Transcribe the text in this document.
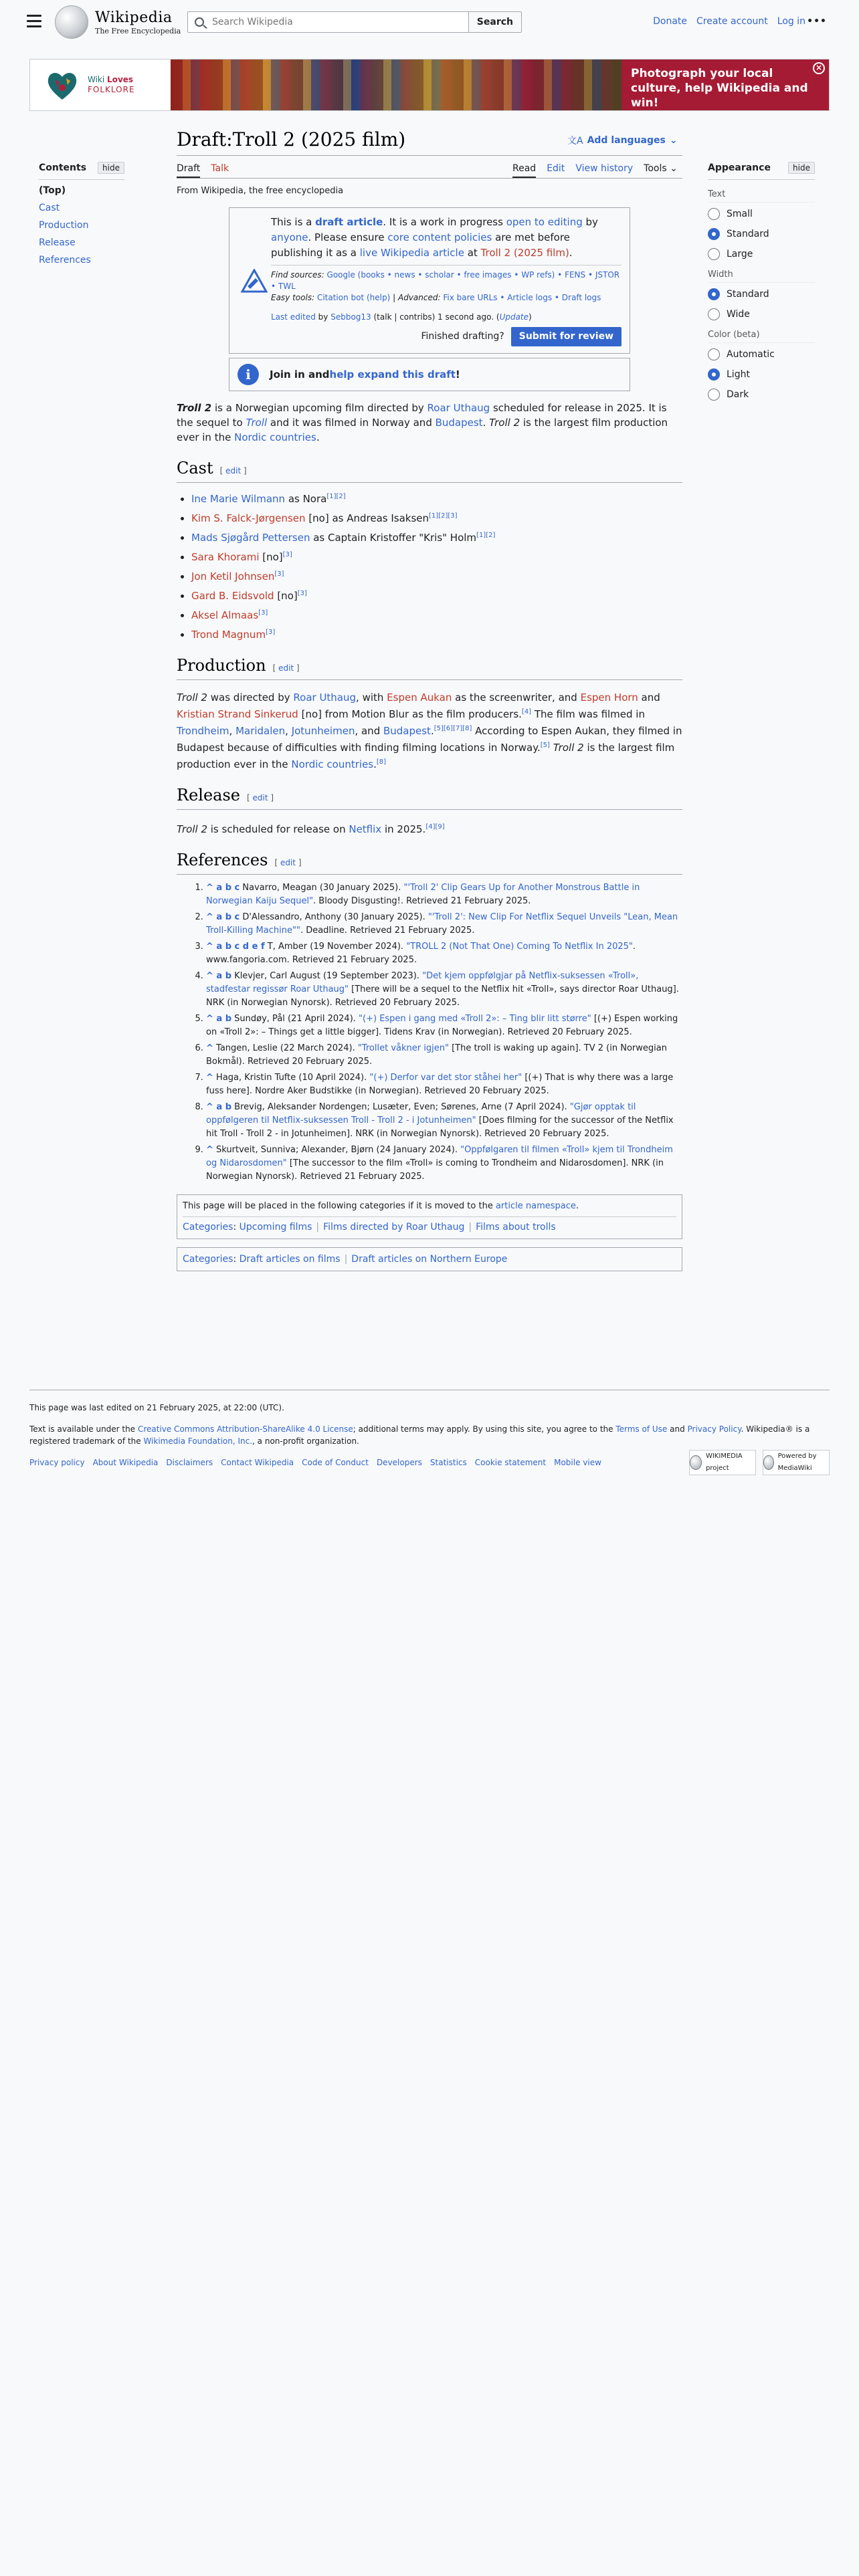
Wikipedia
The Free Encyclopedia
Search Wikipedia
Search	Donate Create account Log in •••
Wiki Loves
FOLKLORE
Photograph your local culture, help Wikipedia and win!
×
Draft:Troll 2 (2025 film)	文A Add languages ⌄
Draft Talk	Read Edit View history Tools ⌄
From Wikipedia, the free encyclopedia
Contents	hide
(Top)
Cast
Production
Release
References
Appearance	hide
Text
Small
Standard
Large
Width
Standard
Wide
Color (beta)
Automatic
Light
Dark
This is a draft article. It is a work in progress open to editing by anyone. Please ensure core content policies are met before publishing it as a live Wikipedia article at Troll 2 (2025 film).
Find sources: Google (books • news • scholar • free images • WP refs) • FENS • JSTOR • TWL
Easy tools: Citation bot (help) | Advanced: Fix bare URLs • Article logs • Draft logs
Last edited by Sebbog13 (talk | contribs) 1 second ago. (Update)
Finished drafting?	Submit for review
i	Join in and help expand this draft !

Troll 2 is a Norwegian upcoming film directed by Roar Uthaug scheduled for release in 2025. It is the sequel to Troll and it was filmed in Norway and Budapest. Troll 2 is the largest film production ever in the Nordic countries.

Cast [ edit ]
• Ine Marie Wilmann as Nora[1][2]
• Kim S. Falck-Jørgensen [no] as Andreas Isaksen[1][2][3]
• Mads Sjøgård Pettersen as Captain Kristoffer "Kris" Holm[1][2]
• Sara Khorami [no][3]
• Jon Ketil Johnsen[3]
• Gard B. Eidsvold [no][3]
• Aksel Almaas[3]
• Trond Magnum[3]
Production [ edit ]

Troll 2 was directed by Roar Uthaug, with Espen Aukan as the screenwriter, and Espen Horn and Kristian Strand Sinkerud [no] from Motion Blur as the film producers.[4] The film was filmed in Trondheim, Maridalen, Jotunheimen, and Budapest.[5][6][7][8] According to Espen Aukan, they filmed in Budapest because of difficulties with finding filming locations in Norway.[5] Troll 2 is the largest film production ever in the Nordic countries.[8]

Release [ edit ]

Troll 2 is scheduled for release on Netflix in 2025.[4][9]

References [ edit ]
1. ^ a b c Navarro, Meagan (30 January 2025). "'Troll 2' Clip Gears Up for Another Monstrous Battle in Norwegian Kaiju Sequel". Bloody Disgusting!. Retrieved 21 February 2025.
2. ^ a b c D'Alessandro, Anthony (30 January 2025). "'Troll 2': New Clip For Netflix Sequel Unveils "Lean, Mean Troll-Killing Machine"". Deadline. Retrieved 21 February 2025.
3. ^ a b c d e f T, Amber (19 November 2024). "TROLL 2 (Not That One) Coming To Netflix In 2025". www.fangoria.com. Retrieved 21 February 2025.
4. ^ a b Klevjer, Carl August (19 September 2023). "Det kjem oppfølgjar på Netflix-suksessen «Troll», stadfestar regissør Roar Uthaug" [There will be a sequel to the Netflix hit «Troll», says director Roar Uthaug]. NRK (in Norwegian Nynorsk). Retrieved 20 February 2025.
5. ^ a b Sundøy, Pål (21 April 2024). "(+) Espen i gang med «Troll 2»: – Ting blir litt større" [(+) Espen working on «Troll 2»: – Things get a little bigger]. Tidens Krav (in Norwegian). Retrieved 20 February 2025.
6. ^ Tangen, Leslie (22 March 2024). "Trollet våkner igjen" [The troll is waking up again]. TV 2 (in Norwegian Bokmål). Retrieved 20 February 2025.
7. ^ Haga, Kristin Tufte (10 April 2024). "(+) Derfor var det stor ståhei her" [(+) That is why there was a large fuss here]. Nordre Aker Budstikke (in Norwegian). Retrieved 20 February 2025.
8. ^ a b Brevig, Aleksander Nordengen; Lusæter, Even; Sørenes, Arne (7 April 2024). "Gjør opptak til oppfølgeren til Netflix-suksessen Troll - Troll 2 - i Jotunheimen" [Does filming for the successor of the Netflix hit Troll - Troll 2 - in Jotunheimen]. NRK (in Norwegian Nynorsk). Retrieved 20 February 2025.
9. ^ Skurtveit, Sunniva; Alexander, Bjørn (24 January 2024). "Oppfølgaren til filmen «Troll» kjem til Trondheim og Nidarosdomen" [The successor to the film «Troll» is coming to Trondheim and Nidarosdomen]. NRK (in Norwegian Nynorsk). Retrieved 21 February 2025.
This page will be placed in the following categories if it is moved to the article namespace.
Categories: Upcoming films | Films directed by Roar Uthaug | Films about trolls
Categories: Draft articles on films | Draft articles on Northern Europe

This page was last edited on 21 February 2025, at 22:00 (UTC).

Text is available under the Creative Commons Attribution-ShareAlike 4.0 License; additional terms may apply. By using this site, you agree to the Terms of Use and Privacy Policy. Wikipedia® is a registered trademark of the Wikimedia Foundation, Inc., a non-profit organization.

Privacy policy About Wikipedia Disclaimers Contact Wikipedia Code of Conduct Developers Statistics Cookie statement Mobile view
WIKIMEDIA project
Powered by MediaWiki
